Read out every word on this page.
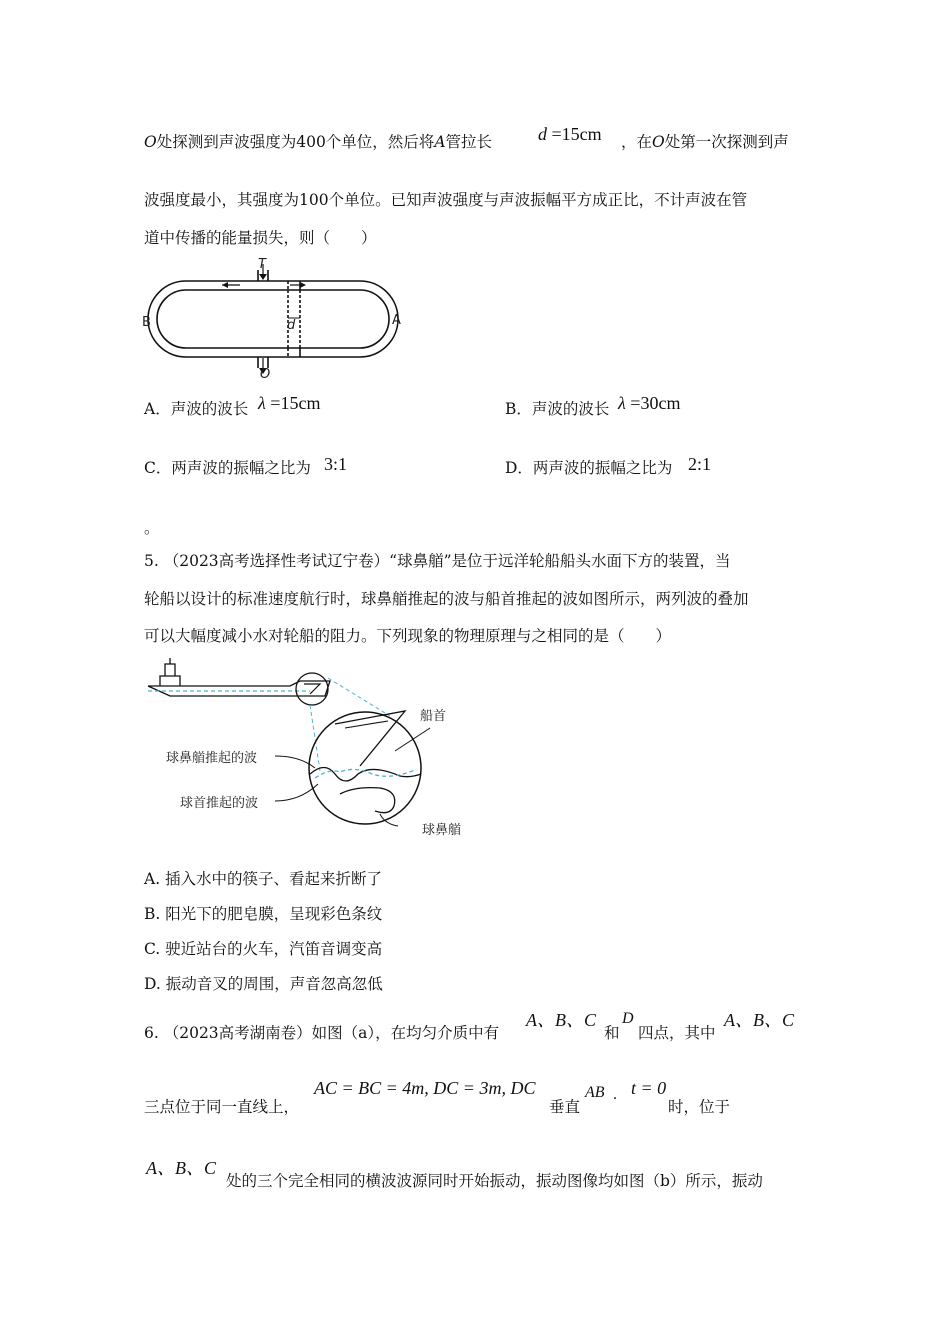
O处探测到声波强度为400个单位，然后将A管拉长	d =15cm ，在O处第一次探测到声
波强度最小，其强度为100个单位。已知声波强度与声波振幅平方成正比，不计声波在管
道中传播的能量损失，则（　　）
d
T
B	A
O
A．声波的波长 λ =15cm	B．声波的波长 λ =30cm
C．两声波的振幅之比为 3:1	D．两声波的振幅之比为 2:1
。
5. （2023高考选择性考试辽宁卷）“球鼻艏”是位于远洋轮船船头水面下方的装置，当
轮船以设计的标准速度航行时，球鼻艏推起的波与船首推起的波如图所示，两列波的叠加
可以大幅度减小水对轮船的阻力。下列现象的物理原理与之相同的是（　　）
船首
球鼻艏推起的波
球首推起的波
球鼻艏
A. 插入水中的筷子、看起来折断了
B. 阳光下的肥皂膜，呈现彩色条纹
C. 驶近站台的火车，汽笛音调变高
D. 振动音叉的周围，声音忽高忽低
6. （2023高考湖南卷）如图（a），在均匀介质中有
A、B、C
和
D
四点，其中
A、B、C
三点位于同一直线上，
AC = BC = 4m, DC = 3m, DC
垂直
AB . t = 0
时，位于
A、B、C
处的三个完全相同的横波波源同时开始振动，振动图像均如图（b）所示，振动
